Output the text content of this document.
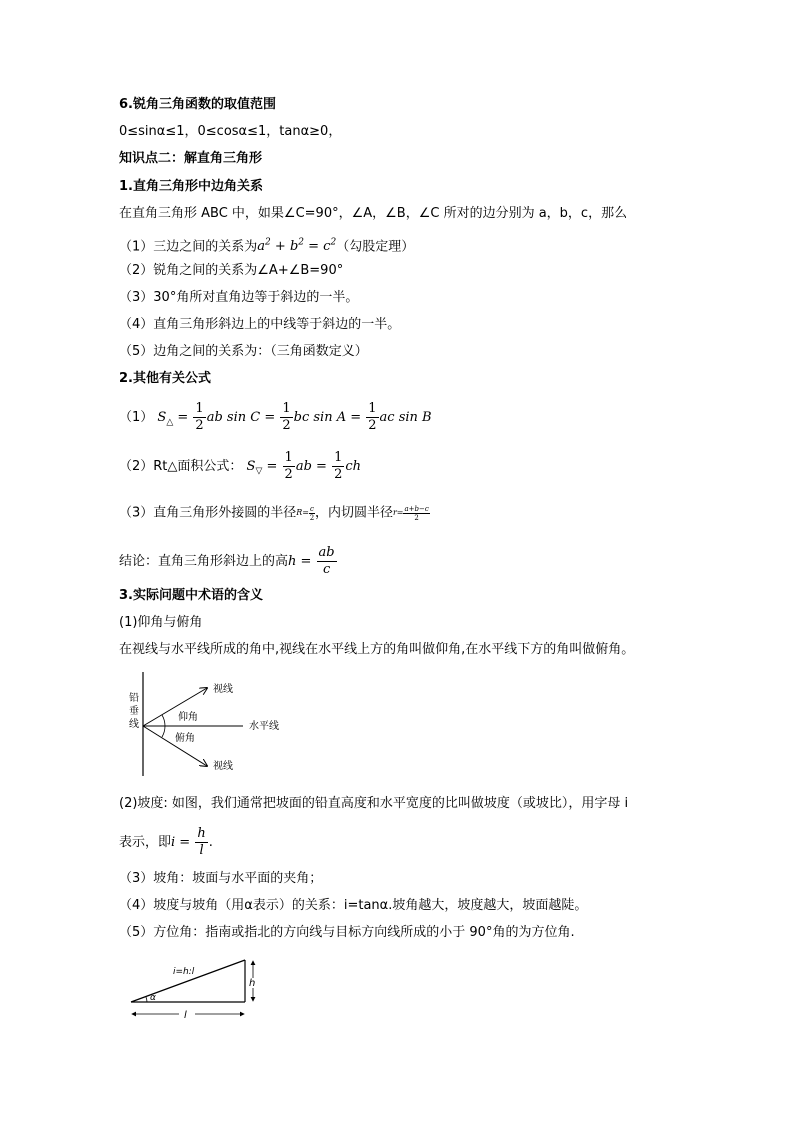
6.锐角三角函数的取值范围
0≤sinα≤1，0≤cosα≤1，tanα≥0，
知识点二：解直角三角形
1.直角三角形中边角关系
在直角三角形 ABC 中，如果∠C=90°，∠A，∠B，∠C 所对的边分别为 a，b，c，那么
（1）三边之间的关系为$a^2 + b^2 = c^2$（勾股定理）
（2）锐角之间的关系为∠A+∠B=90°
（3）30°角所对直角边等于斜边的一半。
（4）直角三角形斜边上的中线等于斜边的一半。
（5）边角之间的关系为：（三角函数定义）
2.其他有关公式
（1） $S_\triangle = \frac{1}{2}$ ab $\sin C = \frac{1}{2}$ bc $\sin A = \frac{1}{2}$ ac sin B
（2）Rt△面积公式： $S_▽ = \frac{1}{2}$ ab = $\frac{1}{2}$ ch
（3）直角三角形外接圆的半径$R= \frac{c}{2}$ ，内切圆半径$r= \frac{a+b-c}{2}$
结论：直角三角形斜边上的高$h = \frac{ab}{c}$
3.实际问题中术语的含义
(1)仰角与俯角
在视线与水平线所成的角中,视线在水平线上方的角叫做仰角,在水平线下方的角叫做俯角。
铅
垂
线
视线
视线
仰角
俯角
水平线
(2)坡度: 如图，我们通常把坡面的铅直高度和水平宽度的比叫做坡度（或坡比），用字母 i
表示，即$i = \frac{h}{l}$ .
（3）坡角：坡面与水平面的夹角；
（4）坡度与坡角（用α表示）的关系：i=tanα.坡角越大，坡度越大，坡面越陡。
（5）方位角：指南或指北的方向线与目标方向线所成的小于 90°角的为方位角.
i=h:l
α
h
l
